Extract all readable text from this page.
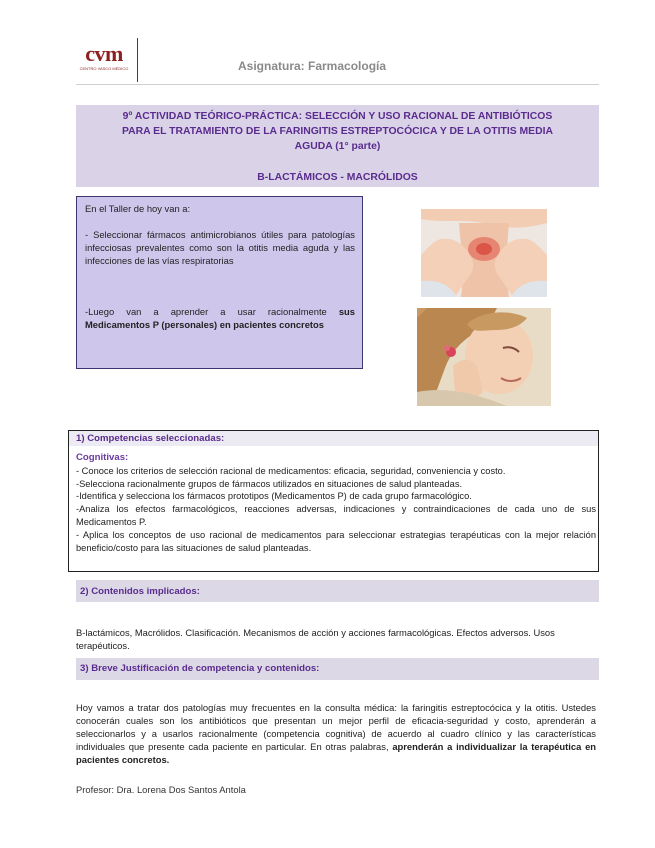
cvm
CENTRO VASCO MÉDICO	Asignatura: Farmacología
9º ACTIVIDAD TEÓRICO-PRÁCTICA: SELECCIÓN Y USO RACIONAL DE ANTIBIÓTICOS
PARA EL TRATAMIENTO DE LA FARINGITIS ESTREPTOCÓCICA Y DE LA OTITIS MEDIA
AGUDA (1° parte)
B-LACTÁMICOS - MACRÓLIDOS
En el Taller de hoy van a:
- Seleccionar fármacos antimicrobianos útiles para patologías infecciosas prevalentes como son la otitis media aguda y las infecciones de las vías respiratorias
-Luego van a aprender a usar racionalmente sus Medicamentos P (personales) en pacientes concretos
1) Competencias seleccionadas:
Cognitivas:
- Conoce los criterios de selección racional de medicamentos: eficacia, seguridad, conveniencia y costo.
-Selecciona racionalmente grupos de fármacos utilizados en situaciones de salud planteadas.
-Identifica y selecciona los fármacos prototipos (Medicamentos P) de cada grupo farmacológico.
-Analiza los efectos farmacológicos, reacciones adversas, indicaciones y contraindicaciones de cada uno de sus Medicamentos P.
- Aplica los conceptos de uso racional de medicamentos para seleccionar estrategias terapéuticas con la mejor relación beneficio/costo para las situaciones de salud planteadas.
2) Contenidos implicados:
B-lactámicos, Macrólidos. Clasificación. Mecanismos de acción y acciones farmacológicas. Efectos adversos. Usos terapéuticos.
3) Breve Justificación de competencia y contenidos:
Hoy vamos a tratar dos patologías muy frecuentes en la consulta médica: la faringitis estreptocócica y la otitis. Ustedes conocerán cuales son los antibióticos que presentan un mejor perfil de eficacia-seguridad y costo, aprenderán a seleccionarlos y a usarlos racionalmente (competencia cognitiva) de acuerdo al cuadro clínico y las características individuales que presente cada paciente en particular. En otras palabras, aprenderán a individualizar la terapéutica en pacientes concretos.
Profesor: Dra. Lorena Dos Santos Antola
